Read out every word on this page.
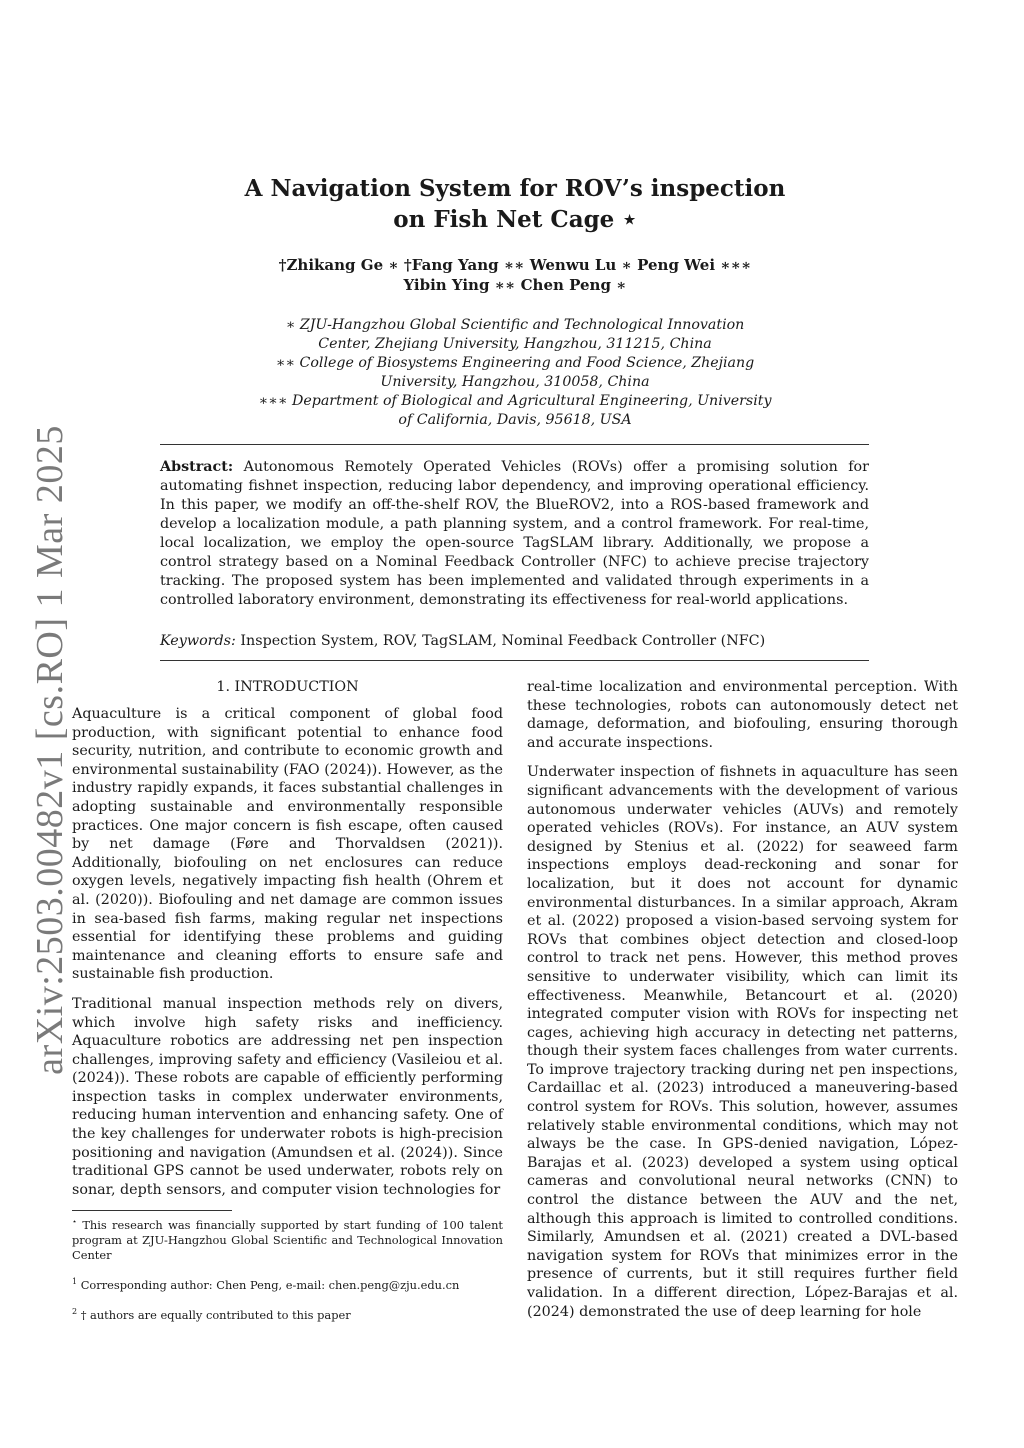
arXiv:2503.00482v1 [cs.RO] 1 Mar 2025
A Navigation System for ROV’s inspection
on Fish Net Cage ⋆
†Zhikang Ge ∗ †Fang Yang ∗∗ Wenwu Lu ∗ Peng Wei ∗∗∗
Yibin Ying ∗∗ Chen Peng ∗
∗ ZJU-Hangzhou Global Scientific and Technological Innovation
Center, Zhejiang University, Hangzhou, 311215, China
∗∗ College of Biosystems Engineering and Food Science, Zhejiang
University, Hangzhou, 310058, China
∗∗∗ Department of Biological and Agricultural Engineering, University
of California, Davis, 95618, USA

Abstract: Autonomous Remotely Operated Vehicles (ROVs) offer a promising solution for automating fishnet inspection, reducing labor dependency, and improving operational efficiency. In this paper, we modify an off-the-shelf ROV, the BlueROV2, into a ROS-based framework and develop a localization module, a path planning system, and a control framework. For real-time, local localization, we employ the open-source TagSLAM library. Additionally, we propose a control strategy based on a Nominal Feedback Controller (NFC) to achieve precise trajectory tracking. The proposed system has been implemented and validated through experiments in a controlled laboratory environment, demonstrating its effectiveness for real-world applications.

Keywords: Inspection System, ROV, TagSLAM, Nominal Feedback Controller (NFC)

1. INTRODUCTION

Aquaculture is a critical component of global food production, with significant potential to enhance food security, nutrition, and contribute to economic growth and environmental sustainability (FAO (2024)). However, as the industry rapidly expands, it faces substantial challenges in adopting sustainable and environmentally responsible practices. One major concern is fish escape, often caused by net damage (Føre and Thorvaldsen (2021)). Additionally, biofouling on net enclosures can reduce oxygen levels, negatively impacting fish health (Ohrem et al. (2020)). Biofouling and net damage are common issues in sea-based fish farms, making regular net inspections essential for identifying these problems and guiding maintenance and cleaning efforts to ensure safe and sustainable fish production.

Traditional manual inspection methods rely on divers, which involve high safety risks and inefficiency. Aquaculture robotics are addressing net pen inspection challenges, improving safety and efficiency (Vasileiou et al. (2024)). These robots are capable of efficiently performing inspection tasks in complex underwater environments, reducing human intervention and enhancing safety. One of the key challenges for underwater robots is high-precision positioning and navigation (Amundsen et al. (2024)). Since traditional GPS cannot be used underwater, robots rely on sonar, depth sensors, and computer vision technologies for

⋆ This research was financially supported by start funding of 100 talent program at ZJU-Hangzhou Global Scientific and Technological Innovation Center

$^1$ Corresponding author: Chen Peng, e-mail: chen.peng@zju.edu.cn

$^2$ † authors are equally contributed to this paper

real-time localization and environmental perception. With these technologies, robots can autonomously detect net damage, deformation, and biofouling, ensuring thorough and accurate inspections.

Underwater inspection of fishnets in aquaculture has seen significant advancements with the development of various autonomous underwater vehicles (AUVs) and remotely operated vehicles (ROVs). For instance, an AUV system designed by Stenius et al. (2022) for seaweed farm inspections employs dead-reckoning and sonar for localization, but it does not account for dynamic environmental disturbances. In a similar approach, Akram et al. (2022) proposed a vision-based servoing system for ROVs that combines object detection and closed-loop control to track net pens. However, this method proves sensitive to underwater visibility, which can limit its effectiveness. Meanwhile, Betancourt et al. (2020) integrated computer vision with ROVs for inspecting net cages, achieving high accuracy in detecting net patterns, though their system faces challenges from water currents. To improve trajectory tracking during net pen inspections, Cardaillac et al. (2023) introduced a maneuvering-based control system for ROVs. This solution, however, assumes relatively stable environmental conditions, which may not always be the case. In GPS-denied navigation, López-Barajas et al. (2023) developed a system using optical cameras and convolutional neural networks (CNN) to control the distance between the AUV and the net, although this approach is limited to controlled conditions. Similarly, Amundsen et al. (2021) created a DVL-based navigation system for ROVs that minimizes error in the presence of currents, but it still requires further field validation. In a different direction, López-Barajas et al. (2024) demonstrated the use of deep learning for hole
